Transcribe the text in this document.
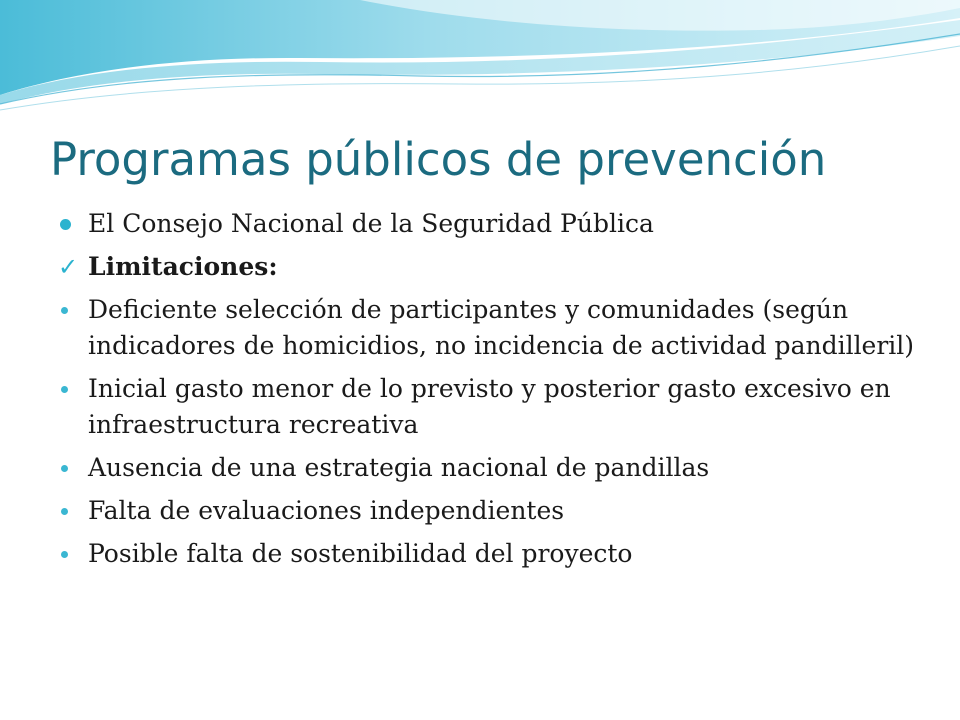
Programas públicos de prevención
El Consejo Nacional de la Seguridad Pública
✓ Limitaciones:
Deficiente selección de participantes y comunidades (según indicadores de homicidios, no incidencia de actividad pandilleril)
Inicial gasto menor de lo previsto y posterior gasto excesivo en infraestructura recreativa
Ausencia de una estrategia nacional de pandillas
Falta de evaluaciones independientes
Posible falta de sostenibilidad del proyecto
